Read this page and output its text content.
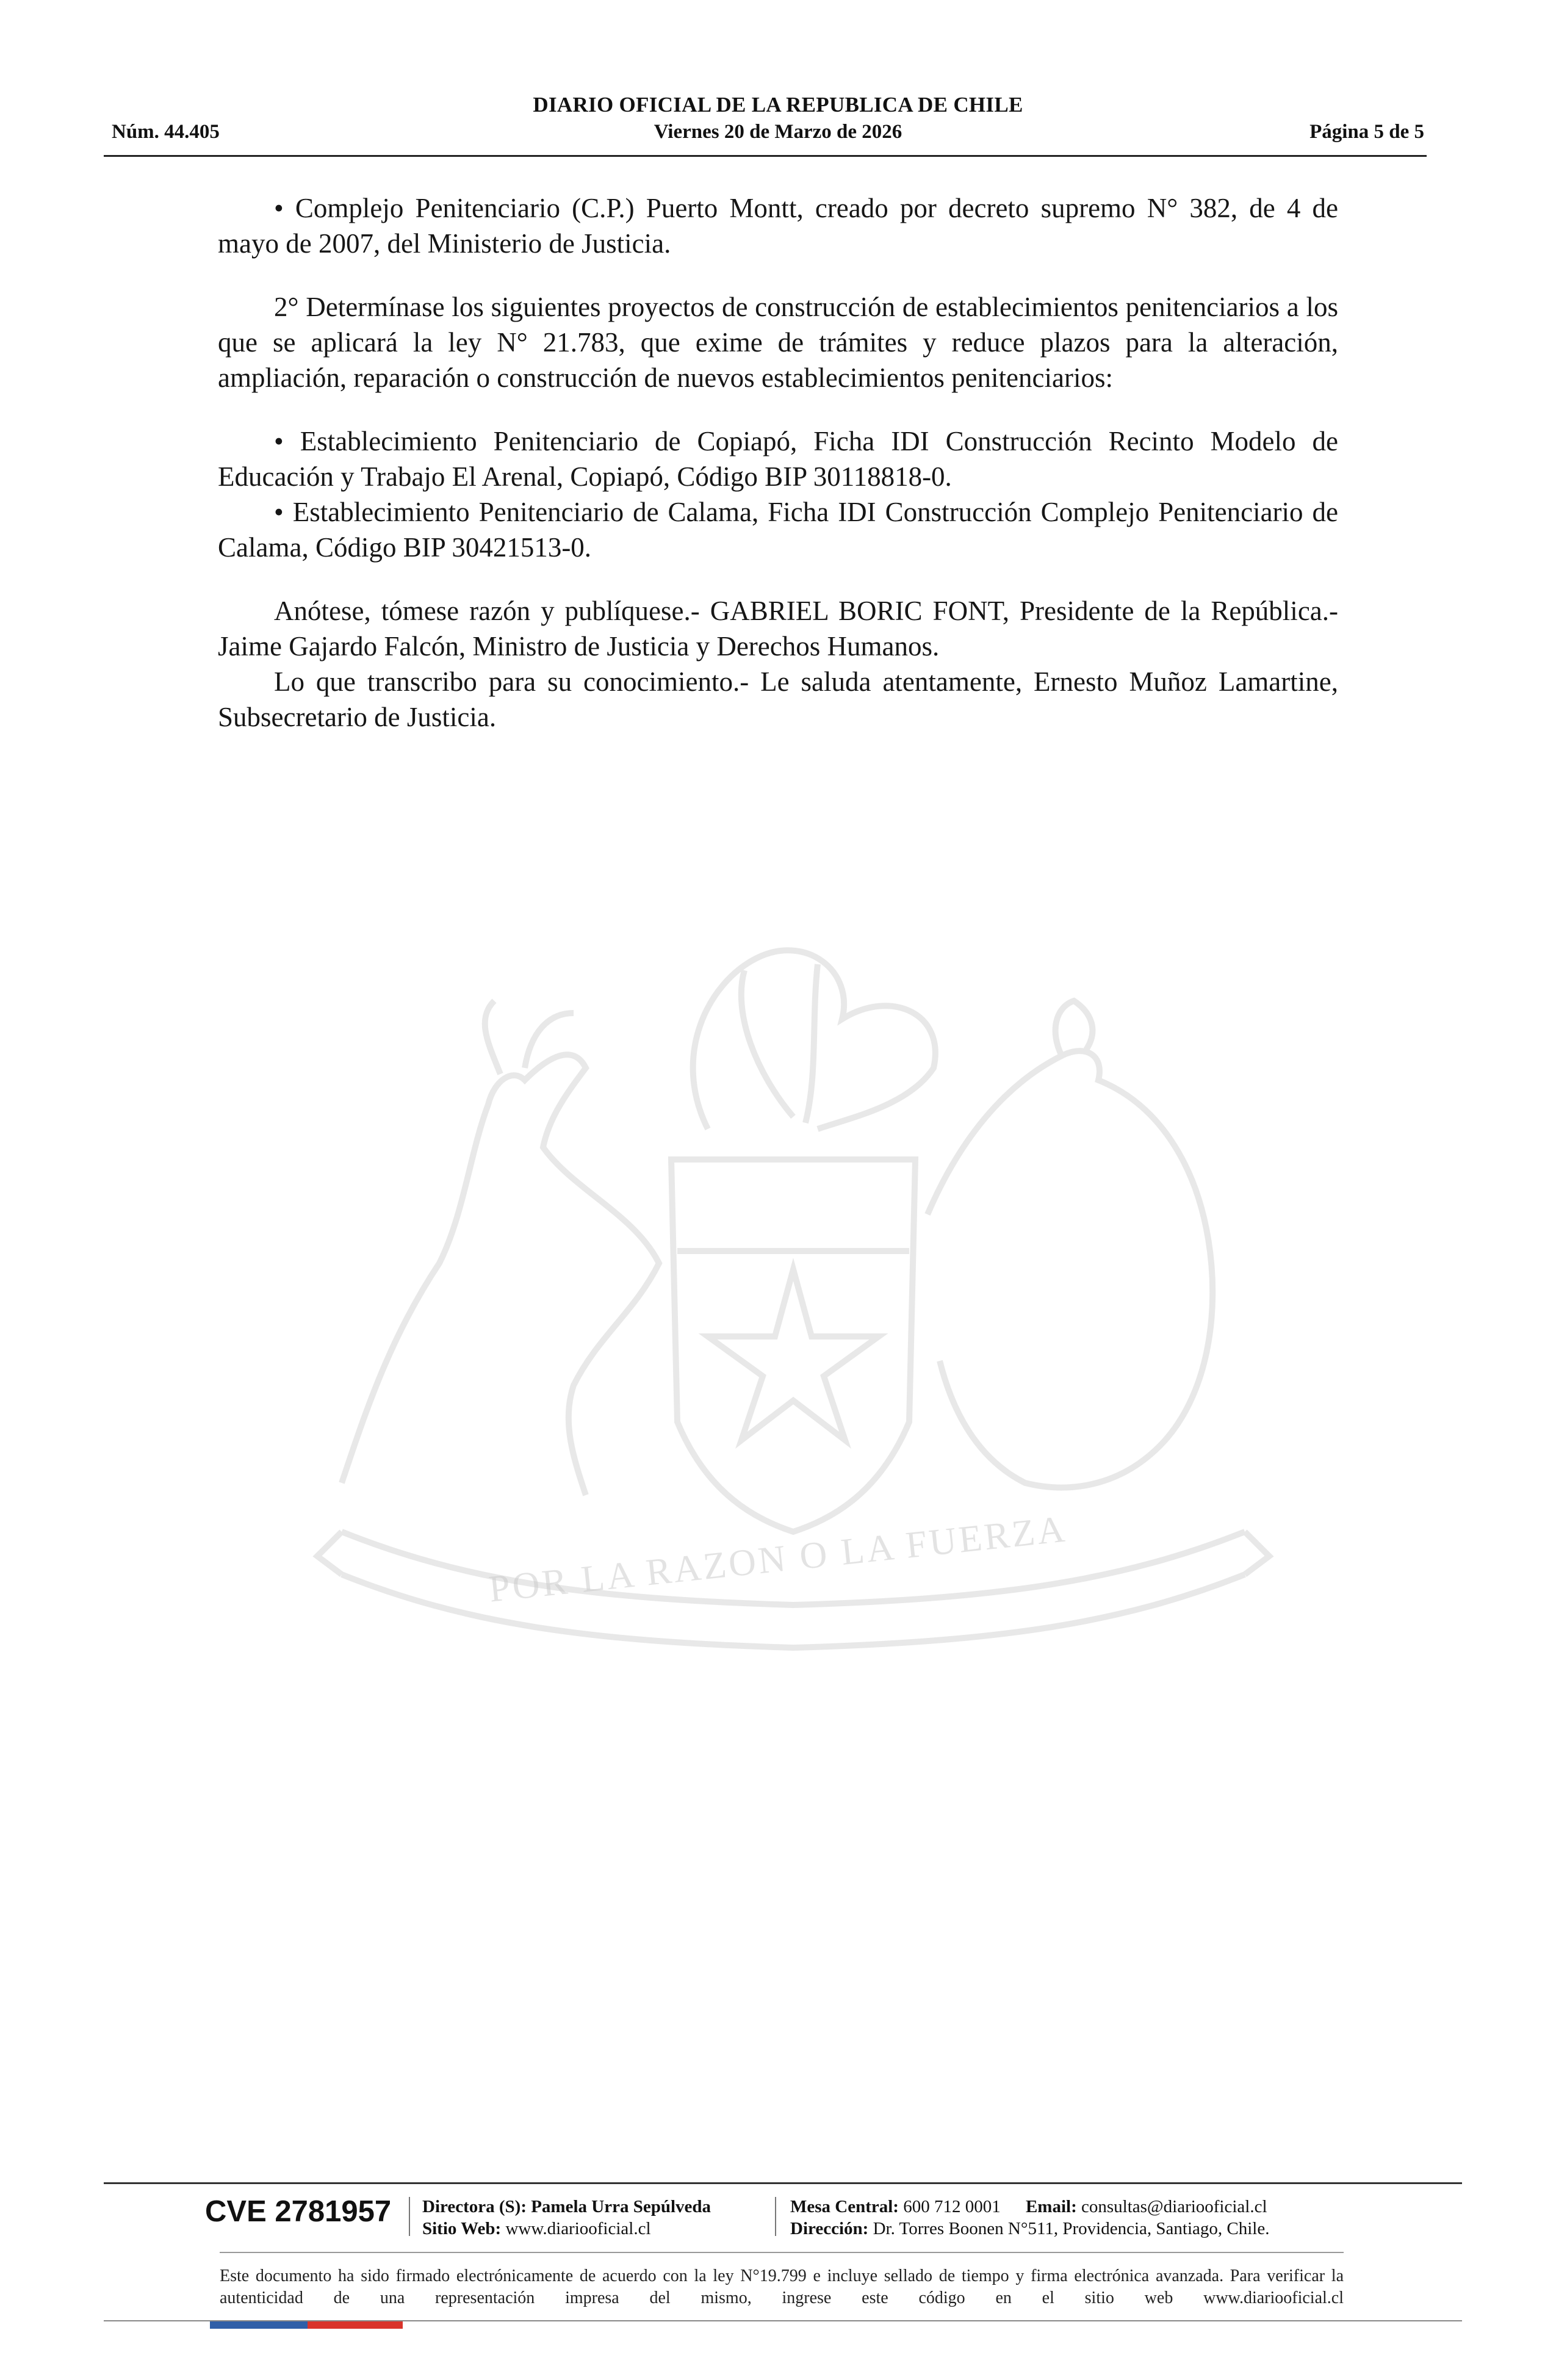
DIARIO OFICIAL DE LA REPUBLICA DE CHILE
Núm. 44.405	Viernes 20 de Marzo de 2026	Página 5 de 5
POR LA RAZON O LA FUERZA

• Complejo Penitenciario (C.P.) Puerto Montt, creado por decreto supremo N° 382, de 4 de mayo de 2007, del Ministerio de Justicia.

2° Determínase los siguientes proyectos de construcción de establecimientos penitenciarios a los que se aplicará la ley N° 21.783, que exime de trámites y reduce plazos para la alteración, ampliación, reparación o construcción de nuevos establecimientos penitenciarios:

• Establecimiento Penitenciario de Copiapó, Ficha IDI Construcción Recinto Modelo de Educación y Trabajo El Arenal, Copiapó, Código BIP 30118818-0.

• Establecimiento Penitenciario de Calama, Ficha IDI Construcción Complejo Penitenciario de Calama, Código BIP 30421513-0.

Anótese, tómese razón y publíquese.- GABRIEL BORIC FONT, Presidente de la República.- Jaime Gajardo Falcón, Ministro de Justicia y Derechos Humanos.

Lo que transcribo para su conocimiento.- Le saluda atentamente, Ernesto Muñoz Lamartine, Subsecretario de Justicia.

CVE 2781957 Directora (S): Pamela Urra Sepúlveda
Sitio Web: www.diariooficial.cl
Mesa Central: 600 712 0001 Email: consultas@diariooficial.cl
Dirección: Dr. Torres Boonen N°511, Providencia, Santiago, Chile.
Este documento ha sido firmado electrónicamente de acuerdo con la ley N°19.799 e incluye sellado de tiempo y firma electrónica avanzada. Para verificar la autenticidad de una representación impresa del mismo, ingrese este código en el sitio web www.diariooficial.cl
